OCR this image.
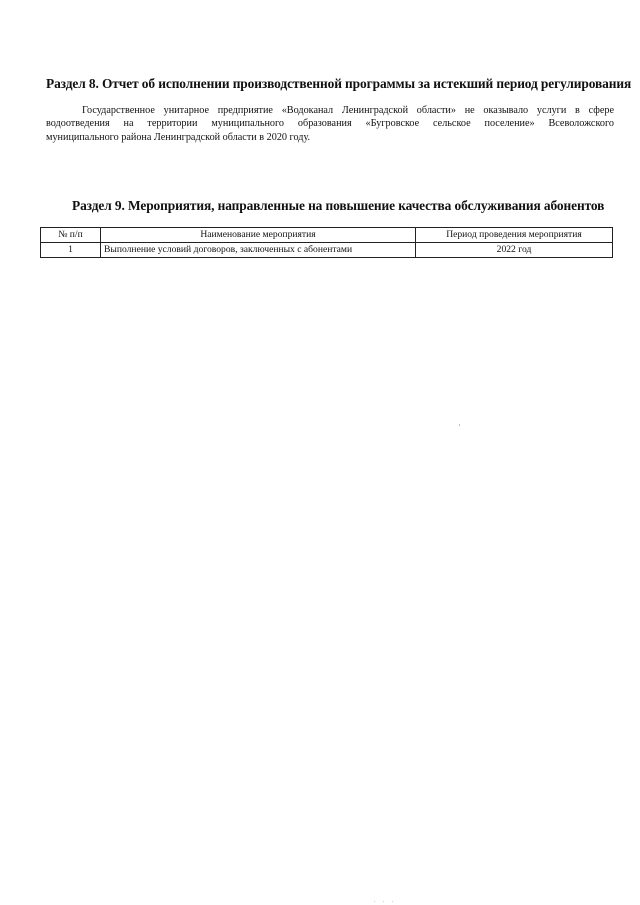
Раздел 8. Отчет об исполнении производственной программы за истекший период регулирования
Государственное унитарное предприятие «Водоканал Ленинградской области» не оказывало услуги в сфере
водоотведения на территории муниципального образования «Бугровское сельское поселение» Всеволожского
муниципального района Ленинградской области в 2020 году.
Раздел 9. Мероприятия, направленные на повышение качества обслуживания абонентов
№ п/п	Наименование мероприятия	Период проведения мероприятия
1	Выполнение условий договоров, заключенных с абонентами	2022 год
. . .
